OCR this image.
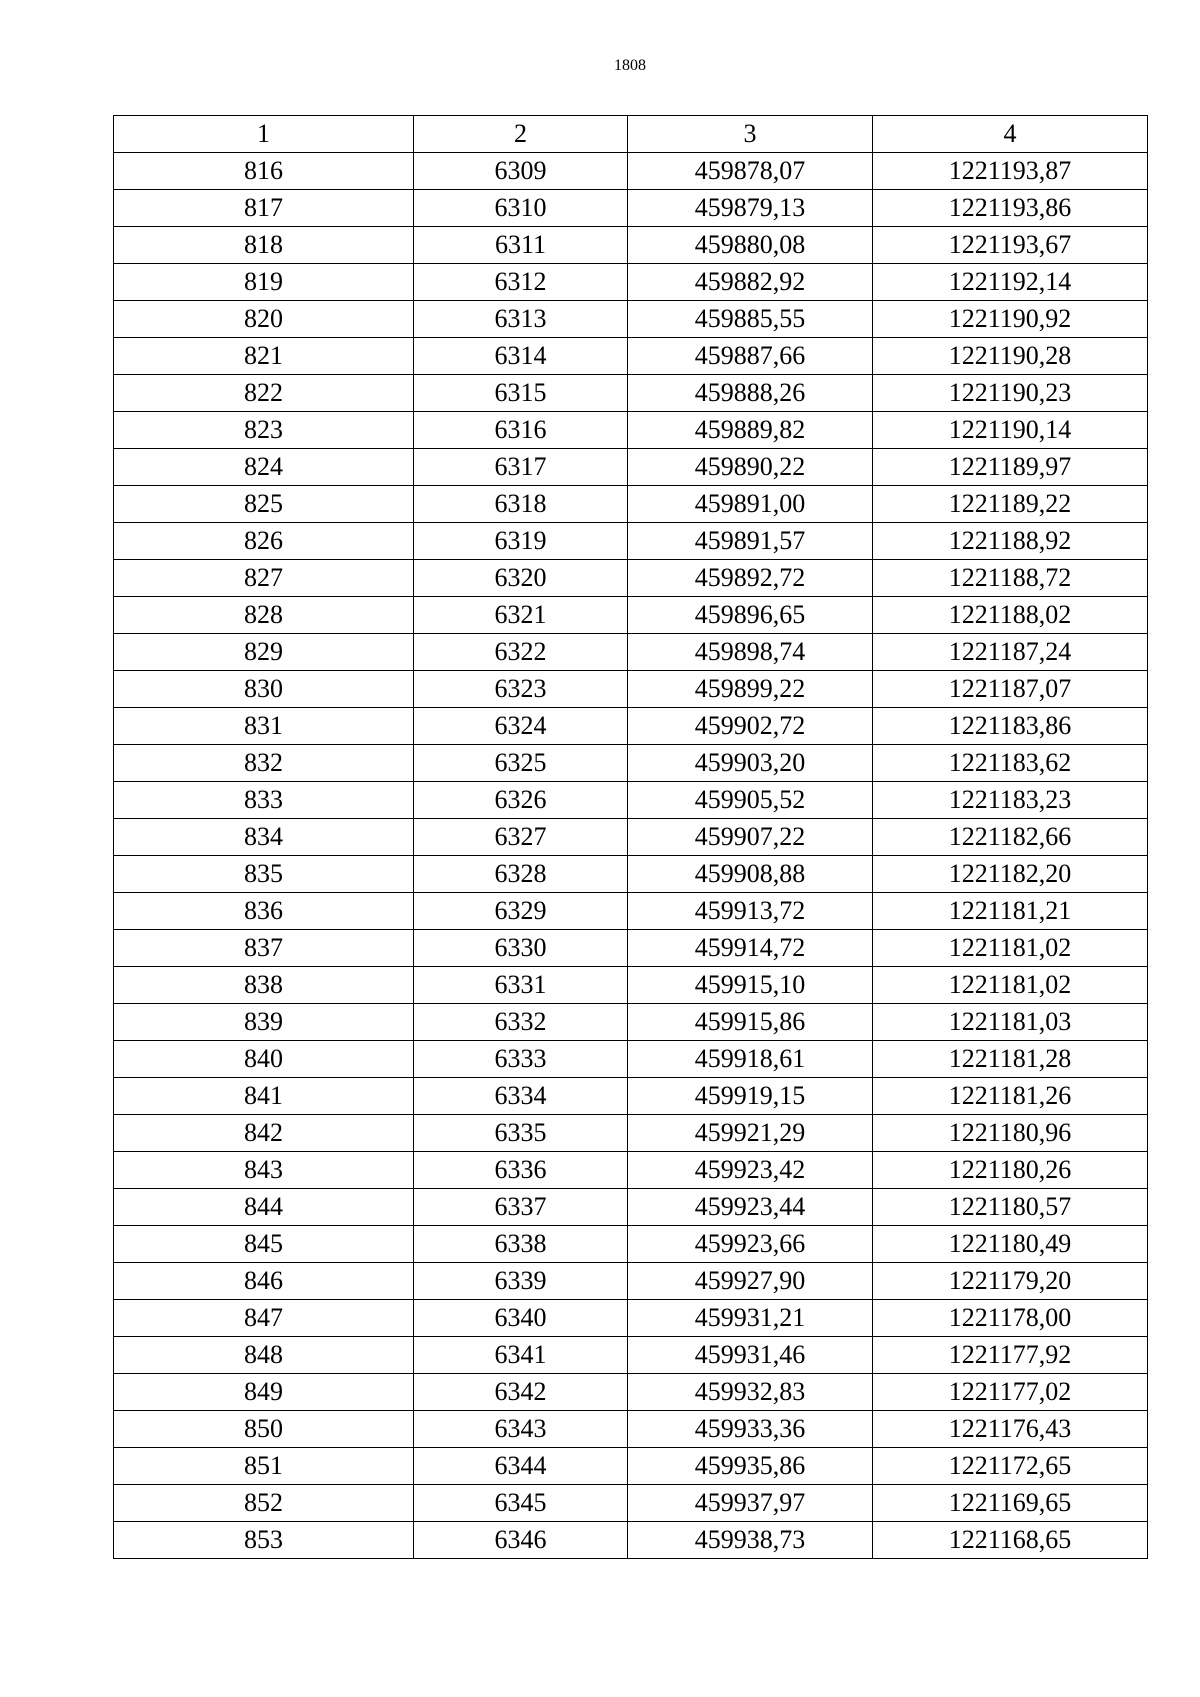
1808
1	2	3	4
816	6309	459878,07	1221193,87
817	6310	459879,13	1221193,86
818	6311	459880,08	1221193,67
819	6312	459882,92	1221192,14
820	6313	459885,55	1221190,92
821	6314	459887,66	1221190,28
822	6315	459888,26	1221190,23
823	6316	459889,82	1221190,14
824	6317	459890,22	1221189,97
825	6318	459891,00	1221189,22
826	6319	459891,57	1221188,92
827	6320	459892,72	1221188,72
828	6321	459896,65	1221188,02
829	6322	459898,74	1221187,24
830	6323	459899,22	1221187,07
831	6324	459902,72	1221183,86
832	6325	459903,20	1221183,62
833	6326	459905,52	1221183,23
834	6327	459907,22	1221182,66
835	6328	459908,88	1221182,20
836	6329	459913,72	1221181,21
837	6330	459914,72	1221181,02
838	6331	459915,10	1221181,02
839	6332	459915,86	1221181,03
840	6333	459918,61	1221181,28
841	6334	459919,15	1221181,26
842	6335	459921,29	1221180,96
843	6336	459923,42	1221180,26
844	6337	459923,44	1221180,57
845	6338	459923,66	1221180,49
846	6339	459927,90	1221179,20
847	6340	459931,21	1221178,00
848	6341	459931,46	1221177,92
849	6342	459932,83	1221177,02
850	6343	459933,36	1221176,43
851	6344	459935,86	1221172,65
852	6345	459937,97	1221169,65
853	6346	459938,73	1221168,65
